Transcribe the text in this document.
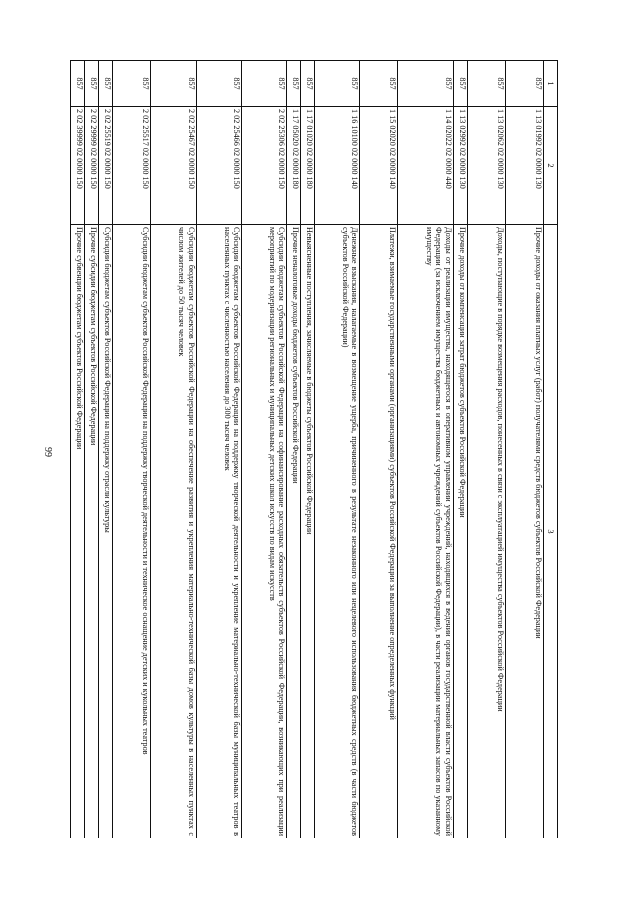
99
1	2	3
857	1 13 01992 02 0000 130	Прочие доходы от оказания платных услуг (работ) получателями средств бюджетов субъектов Российской Федерации
857	1 13 02062 02 0000 130	Доходы, поступающие в порядке возмещения расходов, понесенных в связи с эксплуатацией имущества субъектов Российской Федерации
857	1 13 02992 02 0000 130	Прочие доходы от компенсации затрат бюджетов субъектов Российской Федерации
857	1 14 02022 02 0000 440	Доходы от реализации имущества, находящегося в оперативном управлении учреждений, находящихся в ведении органов государственной власти субъектов Российской Федерации (за исключением имущества бюджетных и автономных учреждений субъектов Российской Федерации), в части реализации материальных запасов по указанному имуществу
857	1 15 02020 02 0000 140	Платежи, взимаемые государственными органами (организациями) субъектов Российской Федерации за выполнение определенных функций
857	1 16 10100 02 0000 140	Денежные взыскания, налагаемые в возмещение ущерба, причиненного в результате незаконного или нецелевого использования бюджетных средств (в части бюджетов субъектов Российской Федерации)
857	1 17 01020 02 0000 180	Невыясненные поступления, зачисляемые в бюджеты субъектов Российской Федерации
857	1 17 05020 02 0000 180	Прочие неналоговые доходы бюджетов субъектов Российской Федерации
857	2 02 25306 02 0000 150	Субсидии бюджетам субъектов Российской Федерации на софинансирование расходных обязательств субъектов Российской Федерации, возникающих при реализации мероприятий по модернизации региональных и муниципальных детских школ искусств по видам искусств
857	2 02 25466 02 0000 150	Субсидии бюджетам субъектов Российской Федерации на поддержку творческой деятельности и укрепление материально-технической базы муниципальных театров в населенных пунктах с численностью населения до 300 тысяч человек
857	2 02 25467 02 0000 150	Субсидии бюджетам субъектов Российской Федерации на обеспечение развития и укрепления материально-технической базы домов культуры в населенных пунктах с числом жителей до 50 тысяч человек
857	2 02 25517 02 0000 150	Субсидии бюджетам субъектов Российской Федерации на поддержку творческой деятельности и техническое оснащение детских и кукольных театров
857	2 02 25519 02 0000 150	Субсидии бюджетам субъектов Российской Федерации на поддержку отрасли культуры
857	2 02 29999 02 0000 150	Прочие субсидии бюджетам субъектов Российской Федерации
857	2 02 39999 02 0000 150	Прочие субвенции бюджетам субъектов Российской Федерации
